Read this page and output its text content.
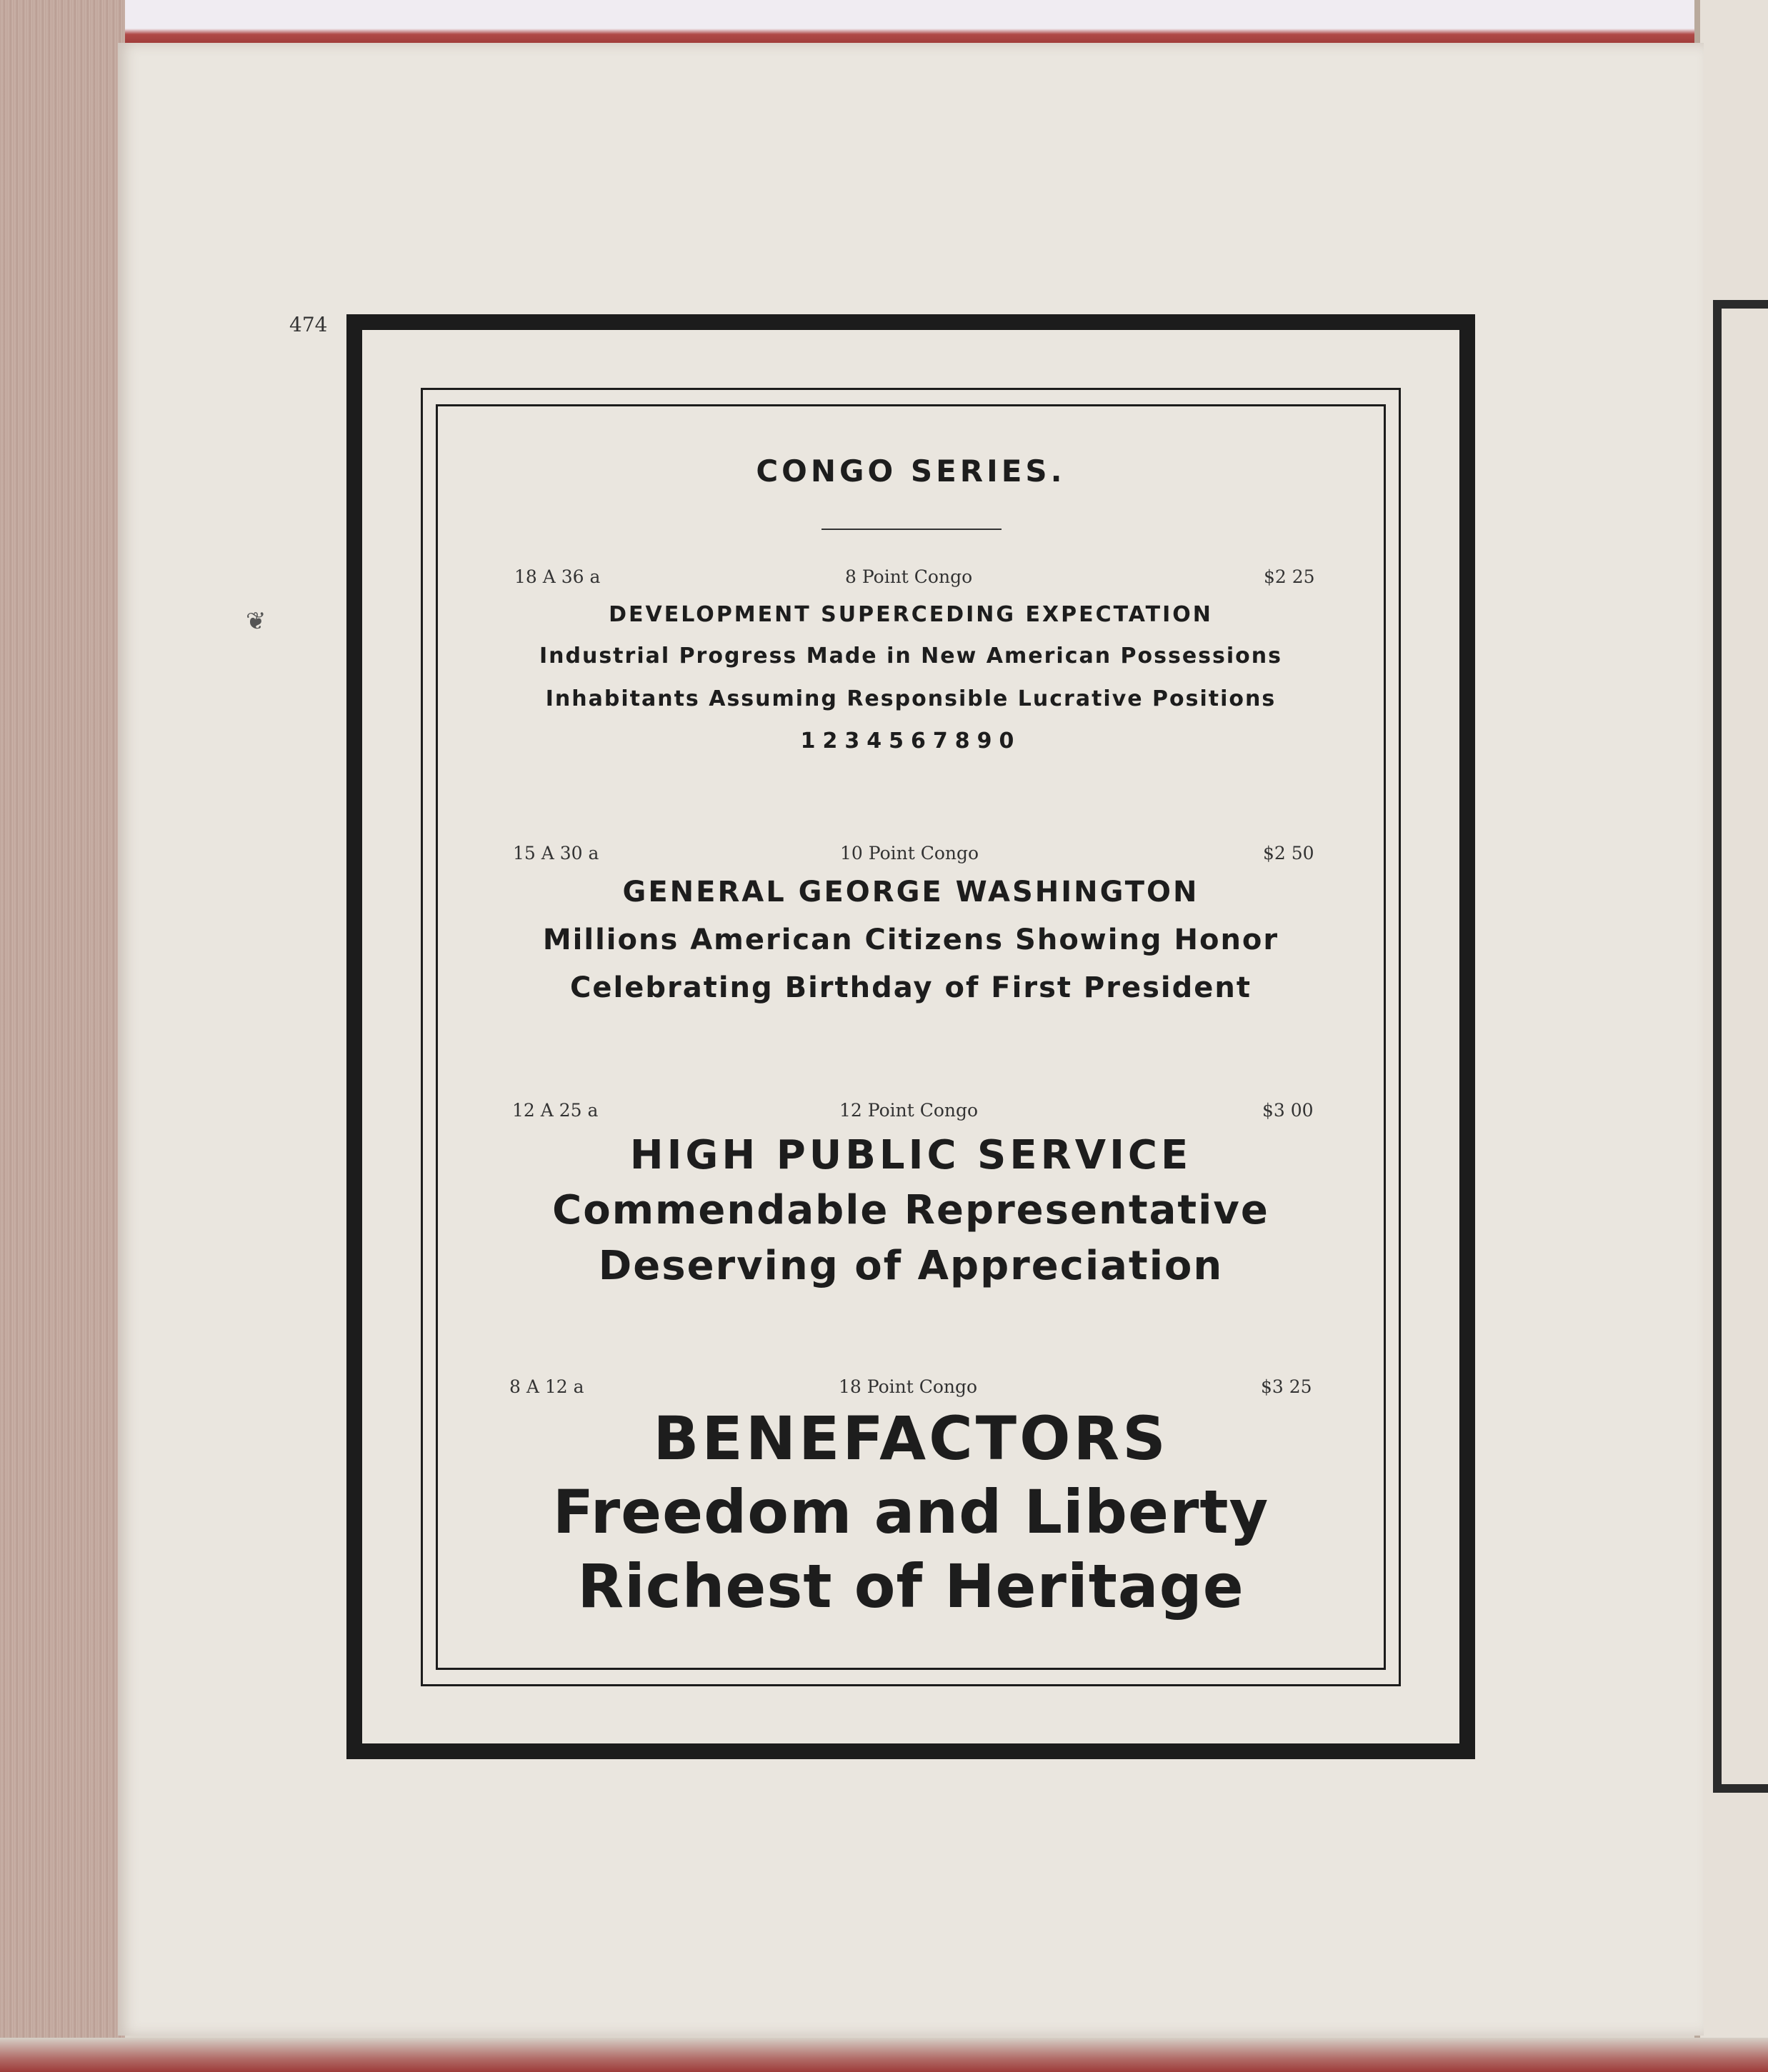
474
❦
CONGO SERIES.
18 A 36 a	8 Point Congo	$2 25
DEVELOPMENT SUPERCEDING EXPECTATION
Industrial Progress Made in New American Possessions
Inhabitants Assuming Responsible Lucrative Positions
1234567890
15 A 30 a	10 Point Congo	$2 50
GENERAL GEORGE WASHINGTON
Millions American Citizens Showing Honor
Celebrating Birthday of First President
12 A 25 a	12 Point Congo	$3 00
HIGH PUBLIC SERVICE
Commendable Representative
Deserving of Appreciation
8 A 12 a	18 Point Congo	$3 25
BENEFACTORS
Freedom and Liberty
Richest of Heritage
